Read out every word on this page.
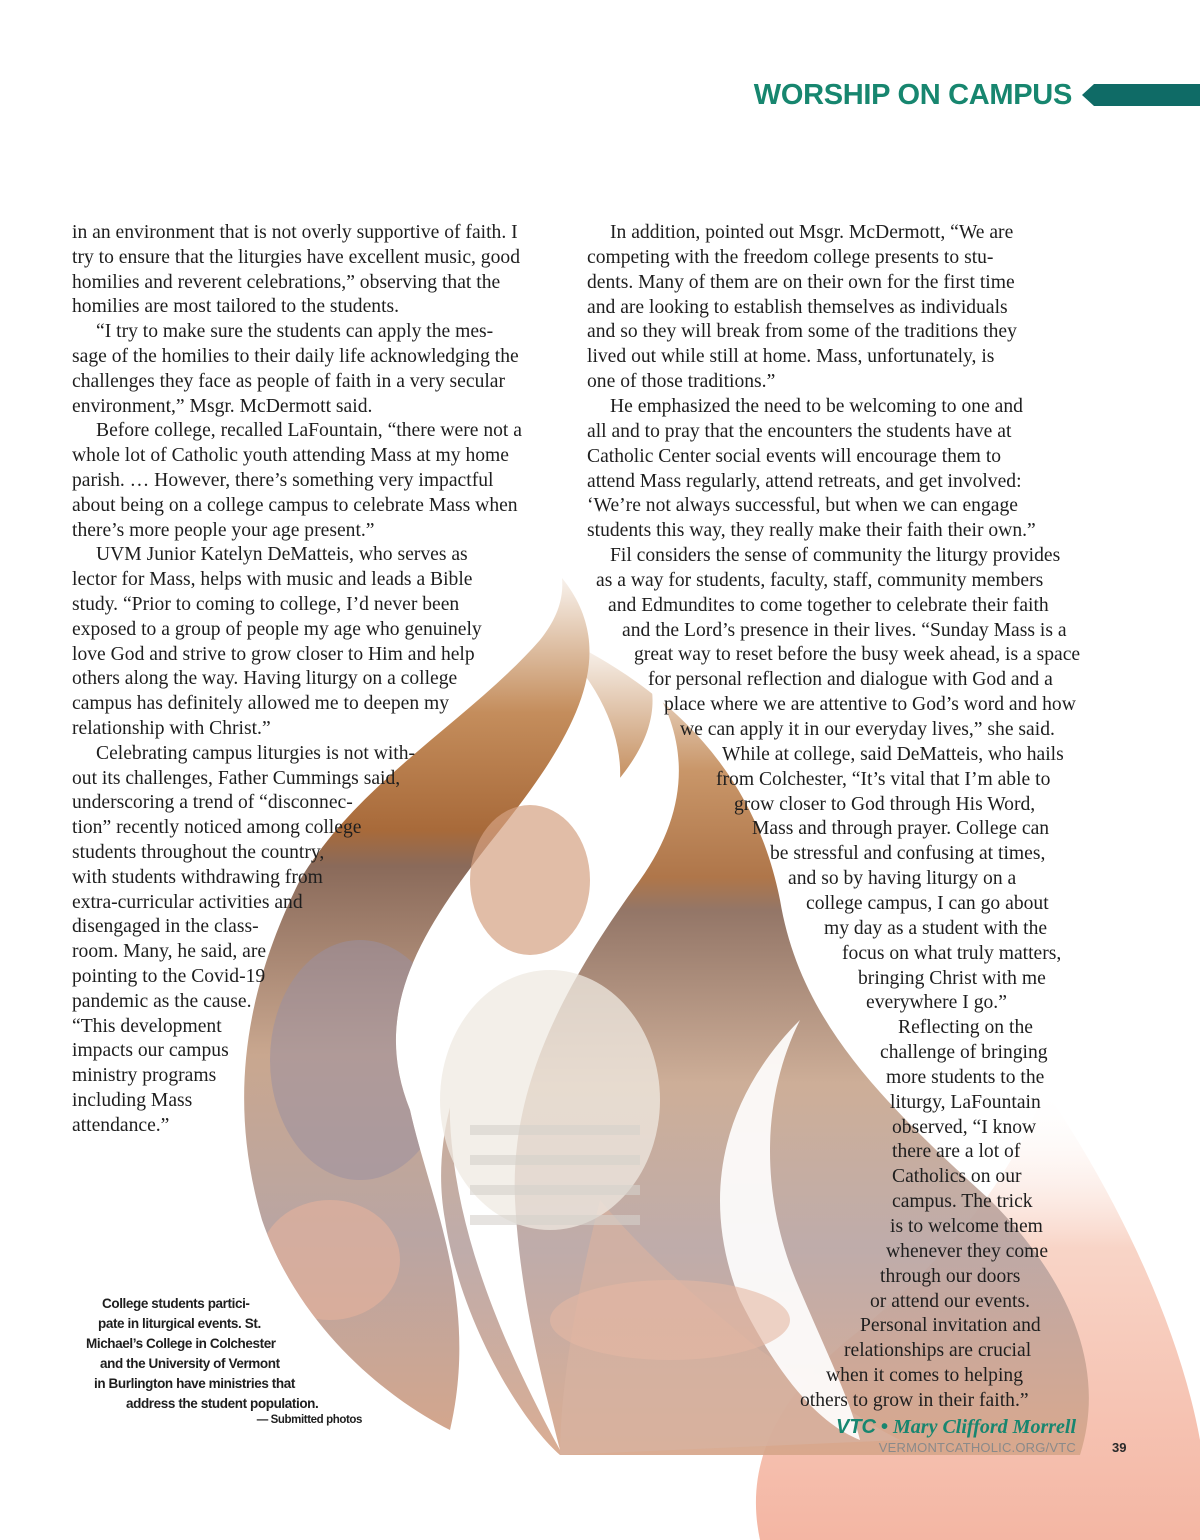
WORSHIP ON CAMPUS
in an environment that is not overly supportive of faith. I
try to ensure that the liturgies have excellent music, good
homilies and reverent celebrations,” observing that the
homilies are most tailored to the students.
“I try to make sure the students can apply the mes-
sage of the homilies to their daily life acknowledging the
challenges they face as people of faith in a very secular
environment,” Msgr. McDermott said.
Before college, recalled LaFountain, “there were not a
whole lot of Catholic youth attending Mass at my home
parish. … However, there’s something very impactful
about being on a college campus to celebrate Mass when
there’s more people your age present.”
UVM Junior Katelyn DeMatteis, who serves as
lector for Mass, helps with music and leads a Bible
study. “Prior to coming to college, I’d never been
exposed to a group of people my age who genuinely
love God and strive to grow closer to Him and help
others along the way. Having liturgy on a college
campus has definitely allowed me to deepen my
relationship with Christ.”
Celebrating campus liturgies is not with-
out its challenges, Father Cummings said,
underscoring a trend of “disconnec-
tion” recently noticed among college
students throughout the country,
with students withdrawing from
extra-curricular activities and
disengaged in the class-
room. Many, he said, are
pointing to the Covid-19
pandemic as the cause.
“This development
impacts our campus
ministry programs
including Mass
attendance.”
In addition, pointed out Msgr. McDermott, “We are
competing with the freedom college presents to stu-
dents. Many of them are on their own for the first time
and are looking to establish themselves as individuals
and so they will break from some of the traditions they
lived out while still at home. Mass, unfortunately, is
one of those traditions.”
He emphasized the need to be welcoming to one and
all and to pray that the encounters the students have at
Catholic Center social events will encourage them to
attend Mass regularly, attend retreats, and get involved:
‘We’re not always successful, but when we can engage
students this way, they really make their faith their own.”
Fil considers the sense of community the liturgy provides
as a way for students, faculty, staff, community members
and Edmundites to come together to celebrate their faith
and the Lord’s presence in their lives. “Sunday Mass is a
great way to reset before the busy week ahead, is a space
for personal reflection and dialogue with God and a
place where we are attentive to God’s word and how
we can apply it in our everyday lives,” she said.
While at college, said DeMatteis, who hails
from Colchester, “It’s vital that I’m able to
grow closer to God through His Word,
Mass and through prayer. College can
be stressful and confusing at times,
and so by having liturgy on a
college campus, I can go about
my day as a student with the
focus on what truly matters,
bringing Christ with me
everywhere I go.”
Reflecting on the
challenge of bringing
more students to the
liturgy, LaFountain
observed, “I know
there are a lot of
Catholics on our
campus. The trick
is to welcome them
whenever they come
through our doors
or attend our events.
Personal invitation and
relationships are crucial
when it comes to helping
others to grow in their faith.”
— Submitted photos
College students partici-
pate in liturgical events. St.
Michael’s College in Colchester
and the University of Vermont
in Burlington have ministries that
address the student population.
VTC • Mary Clifford Morrell
VERMONTCATHOLIC.ORG/VTC	39
